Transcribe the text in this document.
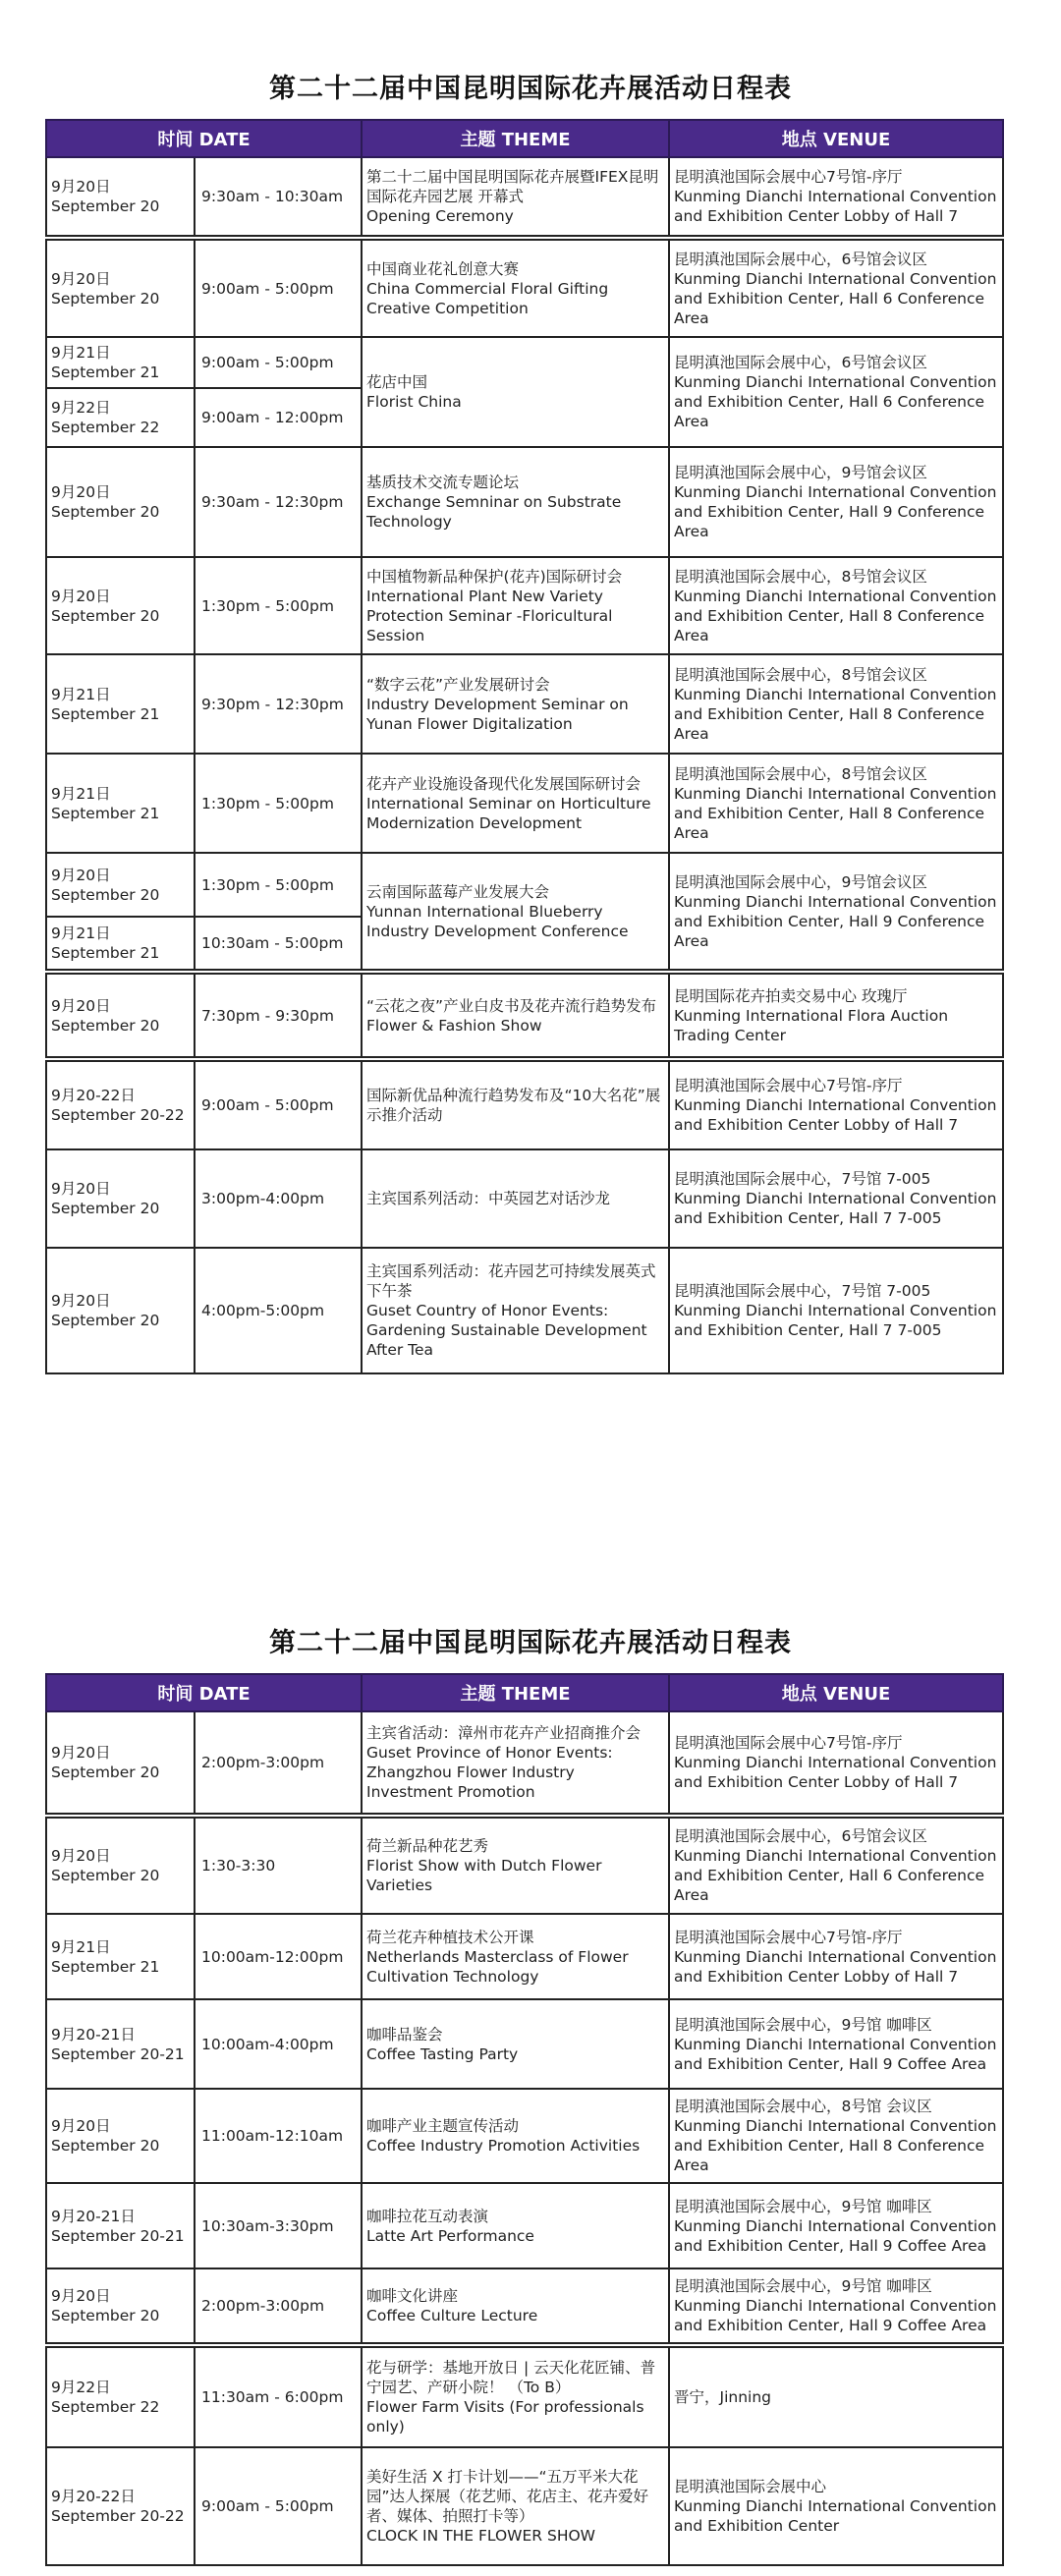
第二十二届中国昆明国际花卉展活动日程表
时间 DATE		主题 THEME	地点 VENUE

9月20日
September 20	9:30am - 10:30am	第二十二届中国昆明国际花卉展暨IFEX昆明国际花卉园艺展 开幕式
Opening Ceremony	昆明滇池国际会展中心7号馆-序厅
Kunming Dianchi International Convention and Exhibition Center Lobby of Hall 7

9月20日
September 20	9:00am - 5:00pm	中国商业花礼创意大赛
China Commercial Floral Gifting Creative Competition	昆明滇池国际会展中心，6号馆会议区
Kunming Dianchi International Convention and Exhibition Center, Hall 6 Conference Area

9月21日
September 21	9:00am - 5:00pm	花店中国
Florist China	昆明滇池国际会展中心，6号馆会议区
Kunming Dianchi International Convention and Exhibition Center, Hall 6 Conference Area

9月22日
September 22	9:00am - 12:00pm		

9月20日
September 20	9:30am - 12:30pm	基质技术交流专题论坛
Exchange Semninar on Substrate Technology	昆明滇池国际会展中心，9号馆会议区
Kunming Dianchi International Convention and Exhibition Center, Hall 9 Conference Area

9月20日
September 20	1:30pm - 5:00pm	中国植物新品种保护(花卉)国际研讨会
International Plant New Variety Protection Seminar -Floricultural Session	昆明滇池国际会展中心，8号馆会议区
Kunming Dianchi International Convention and Exhibition Center, Hall 8 Conference Area

9月21日
September 21	9:30pm - 12:30pm	“数字云花”产业发展研讨会
Industry Development Seminar on Yunan Flower Digitalization	昆明滇池国际会展中心，8号馆会议区
Kunming Dianchi International Convention and Exhibition Center, Hall 8 Conference Area

9月21日
September 21	1:30pm - 5:00pm	花卉产业设施设备现代化发展国际研讨会
International Seminar on Horticulture Modernization Development	昆明滇池国际会展中心，8号馆会议区
Kunming Dianchi International Convention and Exhibition Center, Hall 8 Conference Area

9月20日
September 20	1:30pm - 5:00pm	云南国际蓝莓产业发展大会
Yunnan International Blueberry Industry Development Conference	昆明滇池国际会展中心，9号馆会议区
Kunming Dianchi International Convention and Exhibition Center, Hall 9 Conference Area

9月21日
September 21	10:30am - 5:00pm		

9月20日
September 20	7:30pm - 9:30pm	“云花之夜”产业白皮书及花卉流行趋势发布
Flower & Fashion Show	昆明国际花卉拍卖交易中心 玫瑰厅
Kunming International Flora Auction Trading Center

9月20-22日
September 20-22	9:00am - 5:00pm	国际新优品种流行趋势发布及“10大名花”展示推介活动	昆明滇池国际会展中心7号馆-序厅
Kunming Dianchi International Convention and Exhibition Center Lobby of Hall 7

9月20日
September 20	3:00pm-4:00pm	主宾国系列活动：中英园艺对话沙龙	昆明滇池国际会展中心，7号馆 7-005
Kunming Dianchi International Convention and Exhibition Center, Hall 7 7-005

9月20日
September 20	4:00pm-5:00pm	主宾国系列活动：花卉园艺可持续发展英式下午茶
Guset Country of Honor Events: Gardening Sustainable Development After Tea	昆明滇池国际会展中心，7号馆 7-005
Kunming Dianchi International Convention and Exhibition Center, Hall 7 7-005
第二十二届中国昆明国际花卉展活动日程表
时间 DATE		主题 THEME	地点 VENUE

9月20日
September 20	2:00pm-3:00pm	主宾省活动：漳州市花卉产业招商推介会
Guset Province of Honor Events: Zhangzhou Flower Industry Investment Promotion	昆明滇池国际会展中心7号馆-序厅
Kunming Dianchi International Convention and Exhibition Center Lobby of Hall 7

9月20日
September 20	1:30-3:30	荷兰新品种花艺秀
Florist Show with Dutch Flower Varieties	昆明滇池国际会展中心，6号馆会议区
Kunming Dianchi International Convention and Exhibition Center, Hall 6 Conference Area

9月21日
September 21	10:00am-12:00pm	荷兰花卉种植技术公开课
Netherlands Masterclass of Flower Cultivation Technology	昆明滇池国际会展中心7号馆-序厅
Kunming Dianchi International Convention and Exhibition Center Lobby of Hall 7

9月20-21日
September 20-21	10:00am-4:00pm	咖啡品鉴会
Coffee Tasting Party	昆明滇池国际会展中心，9号馆 咖啡区
Kunming Dianchi International Convention and Exhibition Center, Hall 9 Coffee Area

9月20日
September 20	11:00am-12:10am	咖啡产业主题宣传活动
Coffee Industry Promotion Activities	昆明滇池国际会展中心，8号馆 会议区
Kunming Dianchi International Convention and Exhibition Center, Hall 8 Conference Area

9月20-21日
September 20-21	10:30am-3:30pm	咖啡拉花互动表演
Latte Art Performance	昆明滇池国际会展中心，9号馆 咖啡区
Kunming Dianchi International Convention and Exhibition Center, Hall 9 Coffee Area

9月20日
September 20	2:00pm-3:00pm	咖啡文化讲座
Coffee Culture Lecture	昆明滇池国际会展中心，9号馆 咖啡区
Kunming Dianchi International Convention and Exhibition Center, Hall 9 Coffee Area

9月22日
September 22	11:30am - 6:00pm	花与研学：基地开放日 | 云天化花匠铺、普宁园艺、产研小院！ （To B）
Flower Farm Visits (For professionals only)	晋宁，Jinning

9月20-22日
September 20-22	9:00am - 5:00pm	美好生活 X 打卡计划——“五万平米大花园”达人探展（花艺师、花店主、花卉爱好者、媒体、拍照打卡等）
CLOCK IN THE FLOWER SHOW	昆明滇池国际会展中心
Kunming Dianchi International Convention and Exhibition Center
